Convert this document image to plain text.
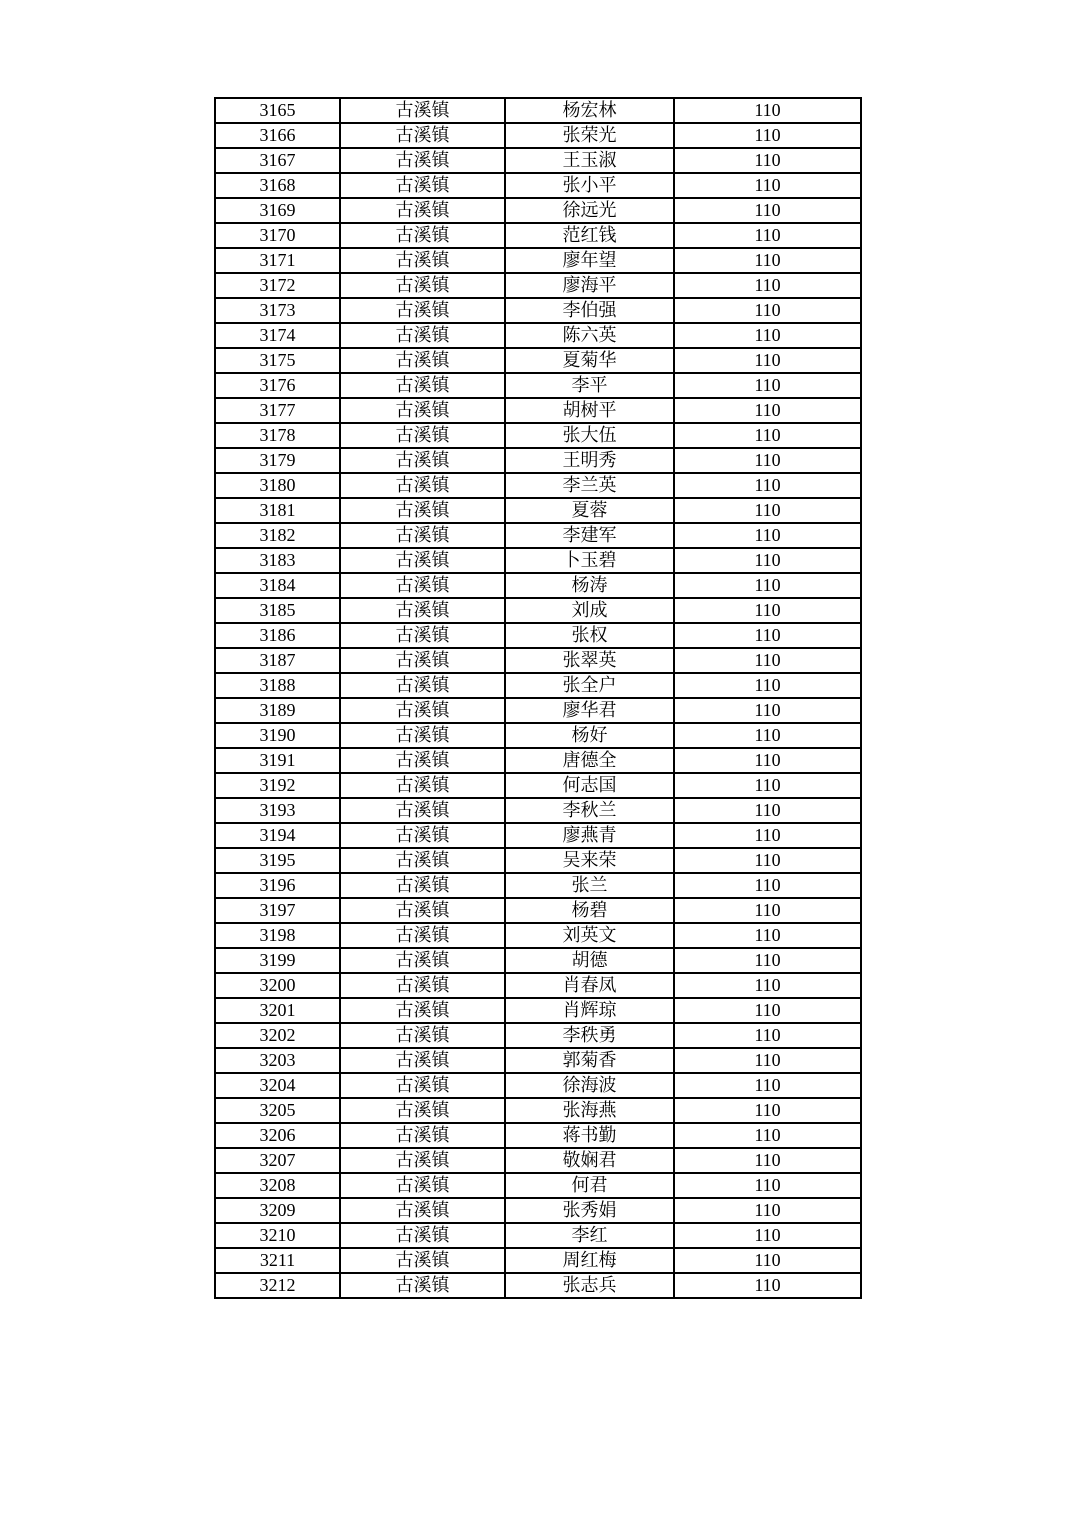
3165	古溪镇	杨宏林	110
3166	古溪镇	张荣光	110
3167	古溪镇	王玉淑	110
3168	古溪镇	张小平	110
3169	古溪镇	徐远光	110
3170	古溪镇	范红钱	110
3171	古溪镇	廖年望	110
3172	古溪镇	廖海平	110
3173	古溪镇	李伯强	110
3174	古溪镇	陈六英	110
3175	古溪镇	夏菊华	110
3176	古溪镇	李平	110
3177	古溪镇	胡树平	110
3178	古溪镇	张大伍	110
3179	古溪镇	王明秀	110
3180	古溪镇	李兰英	110
3181	古溪镇	夏蓉	110
3182	古溪镇	李建军	110
3183	古溪镇	卜玉碧	110
3184	古溪镇	杨涛	110
3185	古溪镇	刘成	110
3186	古溪镇	张权	110
3187	古溪镇	张翠英	110
3188	古溪镇	张全户	110
3189	古溪镇	廖华君	110
3190	古溪镇	杨好	110
3191	古溪镇	唐德全	110
3192	古溪镇	何志国	110
3193	古溪镇	李秋兰	110
3194	古溪镇	廖燕青	110
3195	古溪镇	吴来荣	110
3196	古溪镇	张兰	110
3197	古溪镇	杨碧	110
3198	古溪镇	刘英文	110
3199	古溪镇	胡德	110
3200	古溪镇	肖春凤	110
3201	古溪镇	肖辉琼	110
3202	古溪镇	李秩勇	110
3203	古溪镇	郭菊香	110
3204	古溪镇	徐海波	110
3205	古溪镇	张海燕	110
3206	古溪镇	蒋书勤	110
3207	古溪镇	敬娴君	110
3208	古溪镇	何君	110
3209	古溪镇	张秀娟	110
3210	古溪镇	李红	110
3211	古溪镇	周红梅	110
3212	古溪镇	张志兵	110
